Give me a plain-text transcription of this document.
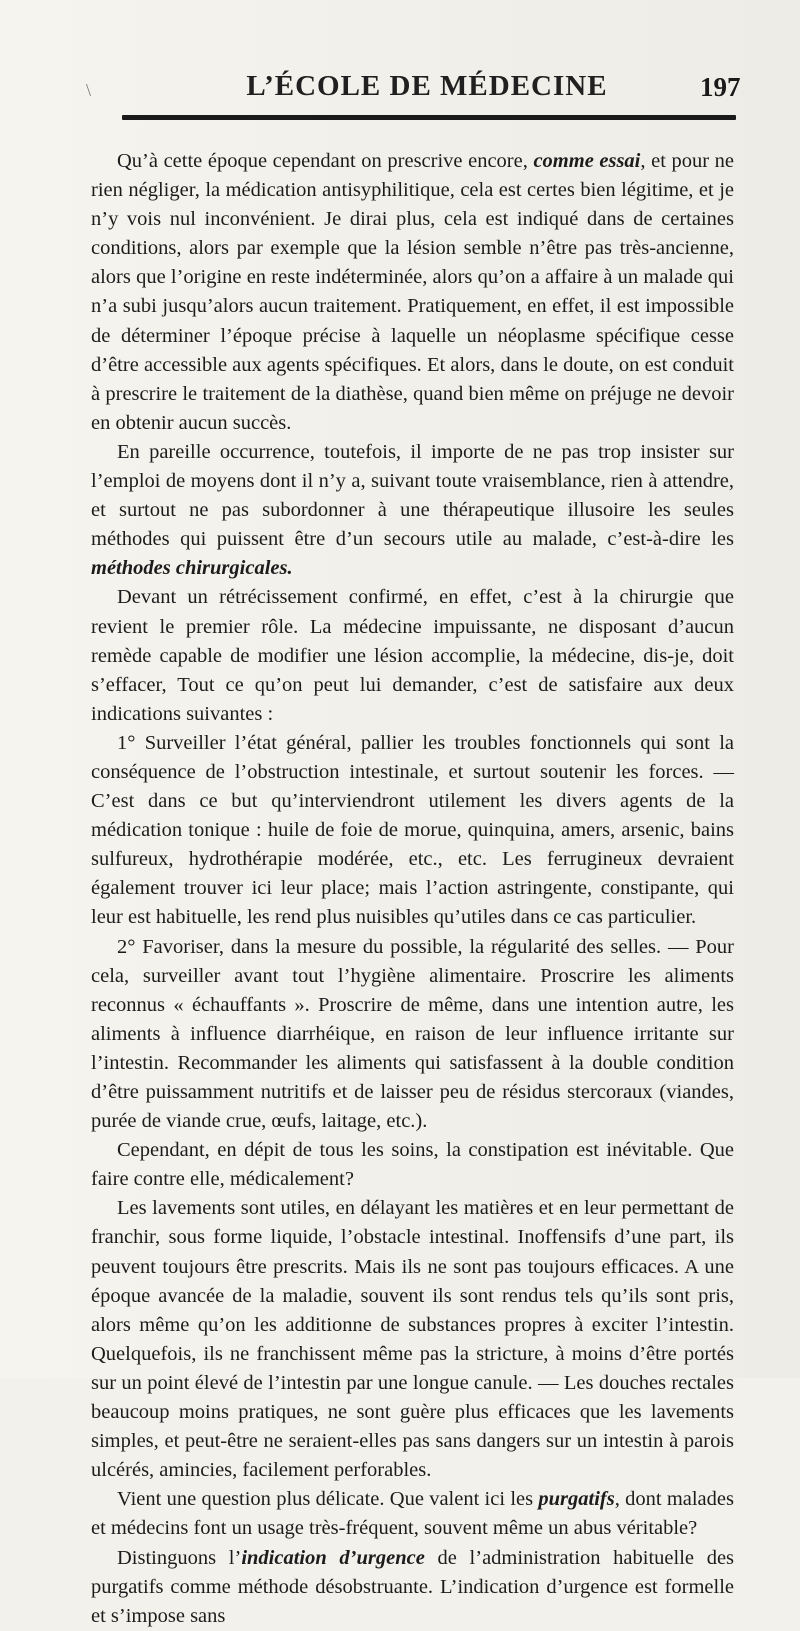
\	L’ÉCOLE DE MÉDECINE	197

Qu’à cette époque cependant on prescrive encore, comme essai, et pour ne rien négliger, la médication antisyphilitique, cela est certes bien légitime, et je n’y vois nul inconvénient. Je dirai plus, cela est indiqué dans de certaines conditions, alors par exemple que la lésion semble n’être pas très-ancienne, alors que l’origine en reste indéterminée, alors qu’on a affaire à un malade qui n’a subi jusqu’alors aucun traitement. Pratiquement, en effet, il est impossible de déterminer l’époque précise à laquelle un néoplasme spécifique cesse d’être accessible aux agents spécifiques. Et alors, dans le doute, on est conduit à prescrire le traitement de la diathèse, quand bien même on préjuge ne devoir en obtenir aucun succès.

En pareille occurrence, toutefois, il importe de ne pas trop insister sur l’emploi de moyens dont il n’y a, suivant toute vraisemblance, rien à attendre, et surtout ne pas subordonner à une thérapeutique illusoire les seules méthodes qui puissent être d’un secours utile au malade, c’est-à-dire les méthodes chirurgicales.

Devant un rétrécissement confirmé, en effet, c’est à la chirurgie que revient le premier rôle. La médecine impuissante, ne disposant d’aucun remède capable de modifier une lésion accomplie, la médecine, dis-je, doit s’effacer, Tout ce qu’on peut lui demander, c’est de satisfaire aux deux indications suivantes :

1° Surveiller l’état général, pallier les troubles fonctionnels qui sont la conséquence de l’obstruction intestinale, et surtout soutenir les forces. — C’est dans ce but qu’interviendront utilement les divers agents de la médication tonique : huile de foie de morue, quinquina, amers, arsenic, bains sulfureux, hydrothérapie modérée, etc., etc. Les ferrugineux devraient également trouver ici leur place; mais l’action astringente, constipante, qui leur est habituelle, les rend plus nuisibles qu’utiles dans ce cas particulier.

2° Favoriser, dans la mesure du possible, la régularité des selles. — Pour cela, surveiller avant tout l’hygiène alimentaire. Proscrire les aliments reconnus « échauffants ». Proscrire de même, dans une intention autre, les aliments à influence diarrhéique, en raison de leur influence irritante sur l’intestin. Recommander les aliments qui satisfassent à la double condition d’être puissamment nutritifs et de laisser peu de résidus stercoraux (viandes, purée de viande crue, œufs, laitage, etc.).

Cependant, en dépit de tous les soins, la constipation est inévitable. Que faire contre elle, médicalement?

Les lavements sont utiles, en délayant les matières et en leur permettant de franchir, sous forme liquide, l’obstacle intestinal. Inoffensifs d’une part, ils peuvent toujours être prescrits. Mais ils ne sont pas toujours efficaces. A une époque avancée de la maladie, souvent ils sont rendus tels qu’ils sont pris, alors même qu’on les additionne de substances propres à exciter l’intestin. Quelquefois, ils ne franchissent même pas la stricture, à moins d’être portés sur un point élevé de l’intestin par une longue canule. — Les douches rectales beaucoup moins pratiques, ne sont guère plus efficaces que les lavements simples, et peut-être ne seraient-elles pas sans dangers sur un intestin à parois ulcérés, amincies, facilement perforables.

Vient une question plus délicate. Que valent ici les purgatifs, dont malades et médecins font un usage très-fréquent, souvent même un abus véritable?

Distinguons l’indication d’urgence de l’administration habituelle des purgatifs comme méthode désobstruante. L’indication d’urgence est formelle et s’impose sans
